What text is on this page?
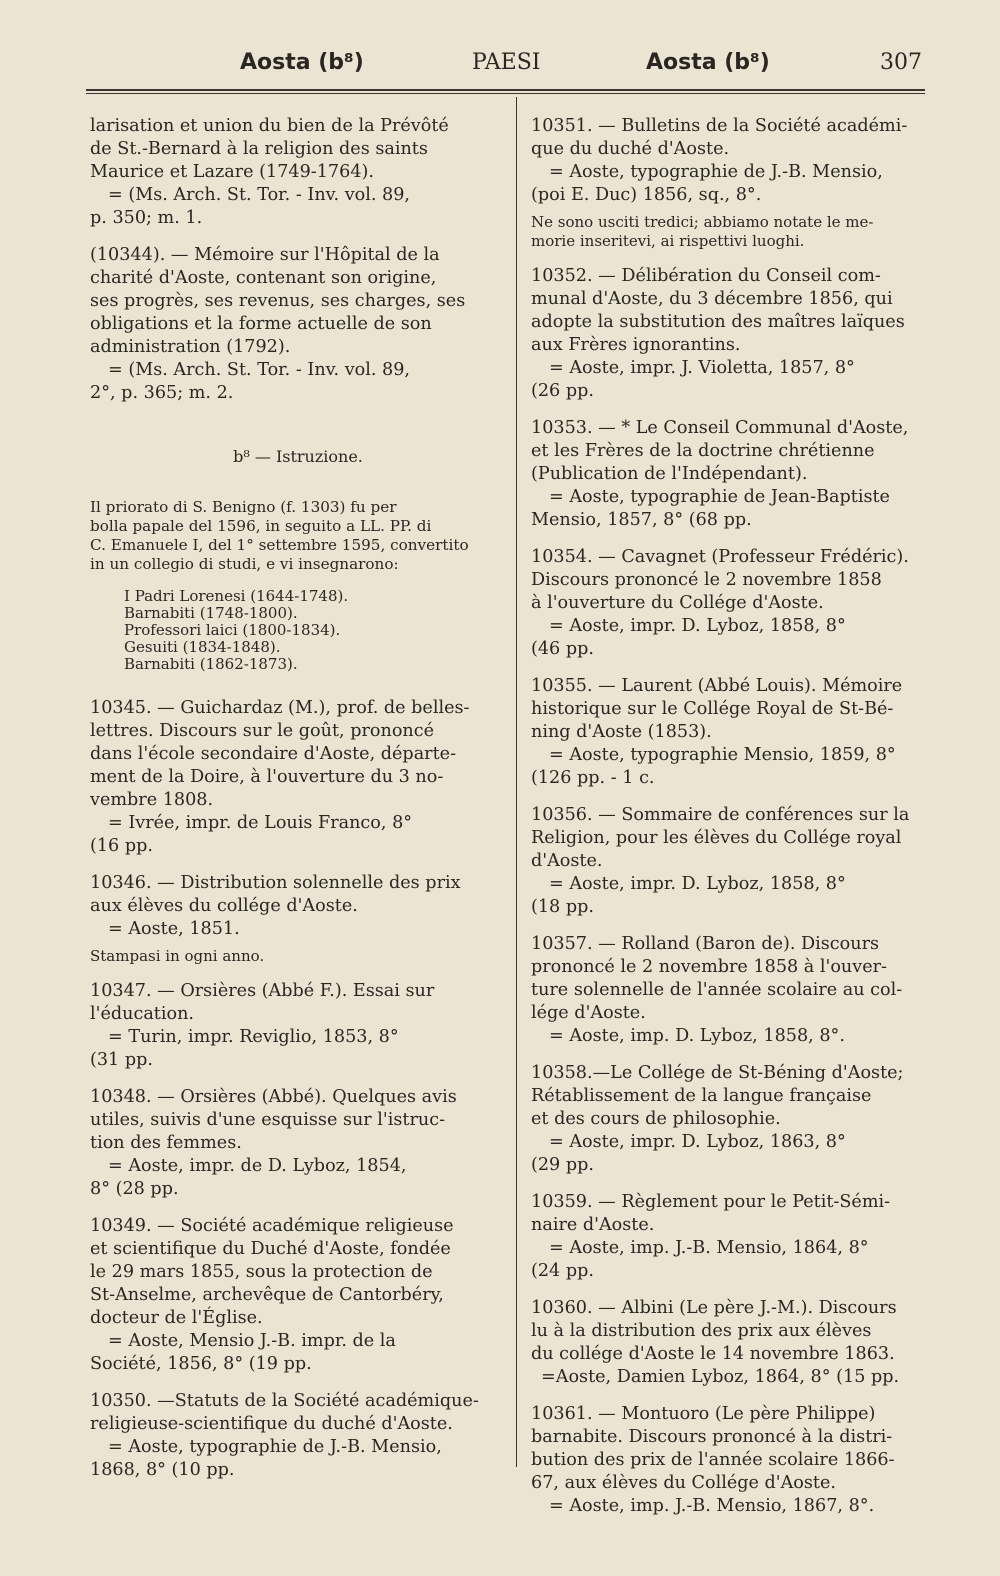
Aosta (b⁸)	PAESI	Aosta (b⁸)	307
larisation et union du bien de la Prévôté
de St.-Bernard à la religion des saints
Maurice et Lazare (1749-1764).
= (Ms. Arch. St. Tor. - Inv. vol. 89,
p. 350; m. 1.
(10344). — Mémoire sur l'Hôpital de la
charité d'Aoste, contenant son origine,
ses progrès, ses revenus, ses charges, ses
obligations et la forme actuelle de son
administration (1792).
= (Ms. Arch. St. Tor. - Inv. vol. 89,
2°, p. 365; m. 2.
b⁸ — Istruzione.
Il priorato di S. Benigno (f. 1303) fu per
bolla papale del 1596, in seguito a LL. PP. di
C. Emanuele I, del 1° settembre 1595, convertito
in un collegio di studi, e vi insegnarono:
I Padri Lorenesi (1644-1748).
Barnabiti (1748-1800).
Professori laici (1800-1834).
Gesuiti (1834-1848).
Barnabiti (1862-1873).
10345. — Guichardaz (M.), prof. de belles-
lettres. Discours sur le goût, prononcé
dans l'école secondaire d'Aoste, départe-
ment de la Doire, à l'ouverture du 3 no-
vembre 1808.
= Ivrée, impr. de Louis Franco, 8°
(16 pp.
10346. — Distribution solennelle des prix
aux élèves du collége d'Aoste.
= Aoste, 1851.
Stampasi in ogni anno.
10347. — Orsières (Abbé F.). Essai sur
l'éducation.
= Turin, impr. Reviglio, 1853, 8°
(31 pp.
10348. — Orsières (Abbé). Quelques avis
utiles, suivis d'une esquisse sur l'istruc-
tion des femmes.
= Aoste, impr. de D. Lyboz, 1854,
8° (28 pp.
10349. — Société académique religieuse
et scientifique du Duché d'Aoste, fondée
le 29 mars 1855, sous la protection de
St-Anselme, archevêque de Cantorbéry,
docteur de l'Église.
= Aoste, Mensio J.-B. impr. de la
Société, 1856, 8° (19 pp.
10350. —Statuts de la Société académique-
religieuse-scientifique du duché d'Aoste.
= Aoste, typographie de J.-B. Mensio,
1868, 8° (10 pp.
10351. — Bulletins de la Société académi-
que du duché d'Aoste.
= Aoste, typographie de J.-B. Mensio,
(poi E. Duc) 1856, sq., 8°.
Ne sono usciti tredici; abbiamo notate le me-
morie inseritevi, ai rispettivi luoghi.
10352. — Délibération du Conseil com-
munal d'Aoste, du 3 décembre 1856, qui
adopte la substitution des maîtres laïques
aux Frères ignorantins.
= Aoste, impr. J. Violetta, 1857, 8°
(26 pp.
10353. — * Le Conseil Communal d'Aoste,
et les Frères de la doctrine chrétienne
(Publication de l'Indépendant).
= Aoste, typographie de Jean-Baptiste
Mensio, 1857, 8° (68 pp.
10354. — Cavagnet (Professeur Frédéric).
Discours prononcé le 2 novembre 1858
à l'ouverture du Collége d'Aoste.
= Aoste, impr. D. Lyboz, 1858, 8°
(46 pp.
10355. — Laurent (Abbé Louis). Mémoire
historique sur le Collége Royal de St-Bé-
ning d'Aoste (1853).
= Aoste, typographie Mensio, 1859, 8°
(126 pp. - 1 c.
10356. — Sommaire de conférences sur la
Religion, pour les élèves du Collége royal
d'Aoste.
= Aoste, impr. D. Lyboz, 1858, 8°
(18 pp.
10357. — Rolland (Baron de). Discours
prononcé le 2 novembre 1858 à l'ouver-
ture solennelle de l'année scolaire au col-
lége d'Aoste.
= Aoste, imp. D. Lyboz, 1858, 8°.
10358.—Le Collége de St-Béning d'Aoste;
Rétablissement de la langue française
et des cours de philosophie.
= Aoste, impr. D. Lyboz, 1863, 8°
(29 pp.
10359. — Règlement pour le Petit-Sémi-
naire d'Aoste.
= Aoste, imp. J.-B. Mensio, 1864, 8°
(24 pp.
10360. — Albini (Le père J.-M.). Discours
lu à la distribution des prix aux élèves
du collége d'Aoste le 14 novembre 1863.
=Aoste, Damien Lyboz, 1864, 8° (15 pp.
10361. — Montuoro (Le père Philippe)
barnabite. Discours prononcé à la distri-
bution des prix de l'année scolaire 1866-
67, aux élèves du Collége d'Aoste.
= Aoste, imp. J.-B. Mensio, 1867, 8°.
